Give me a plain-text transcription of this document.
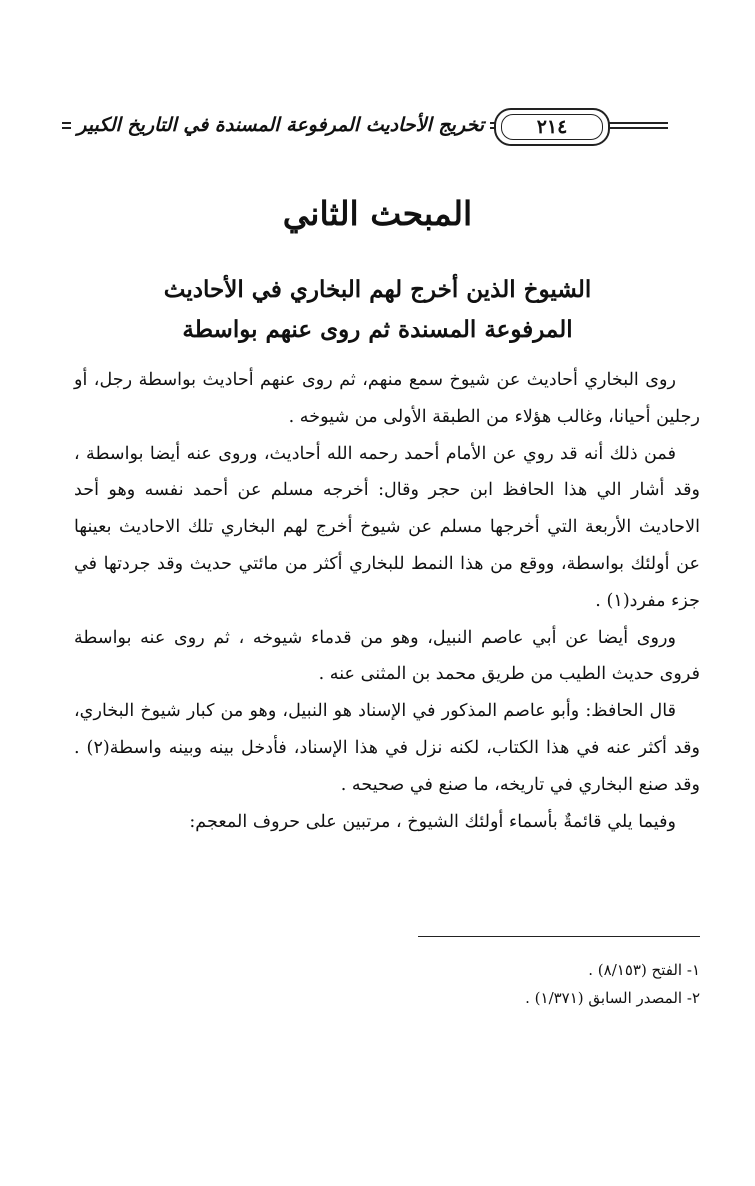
تخريج الأحاديث المرفوعة المسندة في التاريخ الكبير	٢١٤
المبحث الثاني
الشيوخ الذين أخرج لهم البخاري في الأحاديث
المرفوعة المسندة ثم روى عنهم بواسطة

روى البخاري أحاديث عن شيوخ سمع منهم، ثم روى عنهم أحاديث بواسطة رجل، أو رجلين أحيانا، وغالب هؤلاء من الطبقة الأولى من شيوخه .

فمن ذلك أنه قد روي عن الأمام أحمد رحمه الله أحاديث، وروى عنه أيضا بواسطة ، وقد أشار الي هذا الحافظ ابن حجر وقال: أخرجه مسلم عن أحمد نفسه وهو أحد الاحاديث الأربعة التي أخرجها مسلم عن شيوخ أخرج لهم البخاري تلك الاحاديث بعينها عن أولئك بواسطة، ووقع من هذا النمط للبخاري أكثر من مائتي حديث وقد جردتها في جزء مفرد(١) .

وروى أيضا عن أبي عاصم النبيل، وهو من قدماء شيوخه ، ثم روى عنه بواسطة فروى حديث الطيب من طريق محمد بن المثنى عنه .

قال الحافظ: وأبو عاصم المذكور في الإسناد هو النبيل، وهو من كبار شيوخ البخاري، وقد أكثر عنه في هذا الكتاب، لكنه نزل في هذا الإسناد، فأدخل بينه وبينه واسطة(٢) . وقد صنع البخاري في تاريخه، ما صنع في صحيحه .

وفيما يلي قائمةٌ بأسماء أولئك الشيوخ ، مرتبين على حروف المعجم:

١- الفتح (٨/١٥٣) .
٢- المصدر السابق (١/٣٧١) .
